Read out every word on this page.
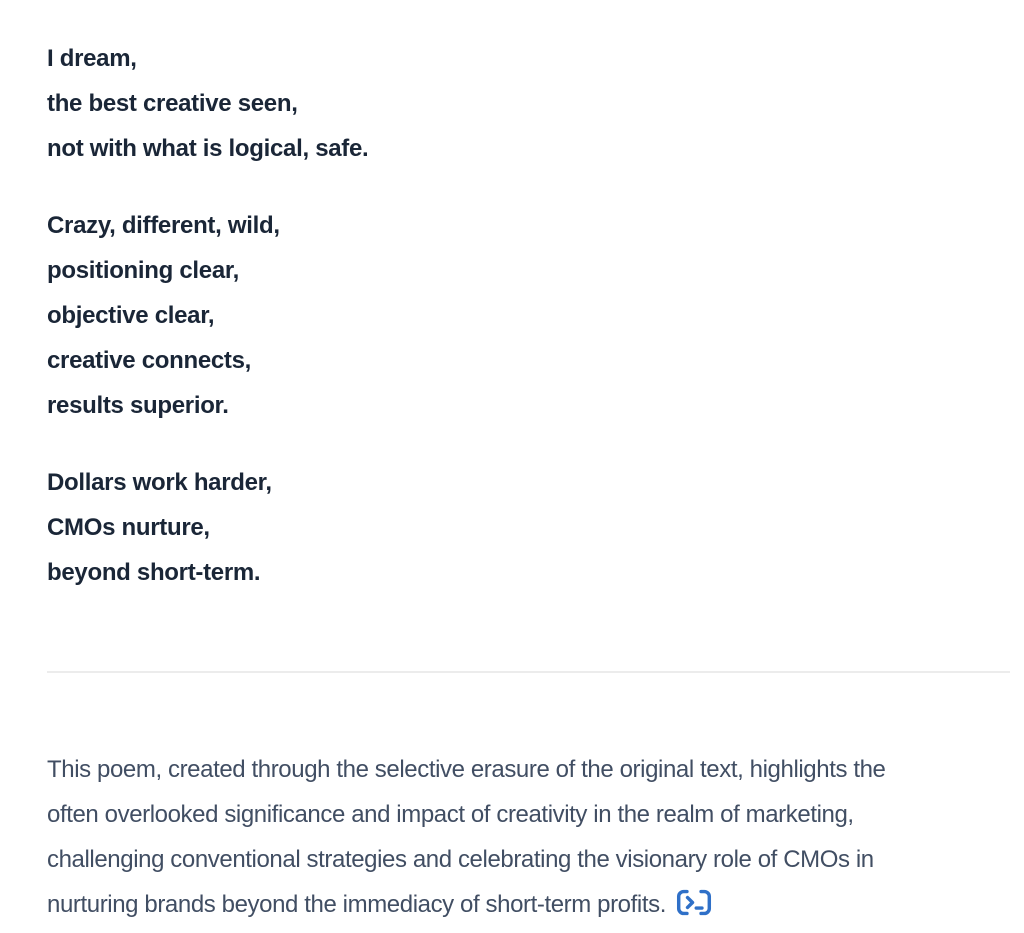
I dream,
the best creative seen,
not with what is logical, safe.
Crazy, different, wild,
positioning clear,
objective clear,
creative connects,
results superior.
Dollars work harder,
CMOs nurture,
beyond short-term.
This poem, created through the selective erasure of the original text, highlights the
often overlooked significance and impact of creativity in the realm of marketing,
challenging conventional strategies and celebrating the visionary role of CMOs in
nurturing brands beyond the immediacy of short-term profits.
